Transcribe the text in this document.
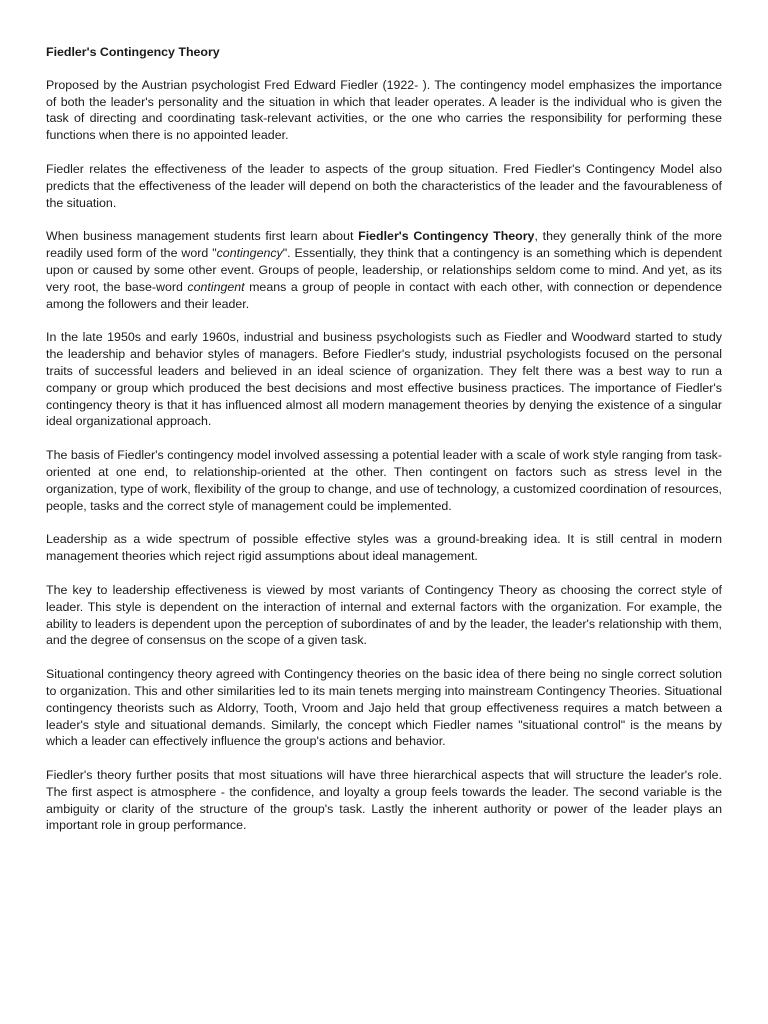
Fiedler's Contingency Theory

Proposed by the Austrian psychologist Fred Edward Fiedler (1922- ). The contingency model emphasizes the importance of both the leader's personality and the situation in which that leader operates. A leader is the individual who is given the task of directing and coordinating task-relevant activities, or the one who carries the responsibility for performing these functions when there is no appointed leader.

Fiedler relates the effectiveness of the leader to aspects of the group situation. Fred Fiedler's Contingency Model also predicts that the effectiveness of the leader will depend on both the characteristics of the leader and the favourableness of the situation.

When business management students first learn about Fiedler's Contingency Theory, they generally think of the more readily used form of the word "contingency". Essentially, they think that a contingency is an something which is dependent upon or caused by some other event. Groups of people, leadership, or relationships seldom come to mind. And yet, as its very root, the base-word contingent means a group of people in contact with each other, with connection or dependence among the followers and their leader.

In the late 1950s and early 1960s, industrial and business psychologists such as Fiedler and Woodward started to study the leadership and behavior styles of managers. Before Fiedler's study, industrial psychologists focused on the personal traits of successful leaders and believed in an ideal science of organization. They felt there was a best way to run a company or group which produced the best decisions and most effective business practices. The importance of Fiedler's contingency theory is that it has influenced almost all modern management theories by denying the existence of a singular ideal organizational approach.

The basis of Fiedler's contingency model involved assessing a potential leader with a scale of work style ranging from task-oriented at one end, to relationship-oriented at the other. Then contingent on factors such as stress level in the organization, type of work, flexibility of the group to change, and use of technology, a customized coordination of resources, people, tasks and the correct style of management could be implemented.

Leadership as a wide spectrum of possible effective styles was a ground-breaking idea. It is still central in modern management theories which reject rigid assumptions about ideal management.

The key to leadership effectiveness is viewed by most variants of Contingency Theory as choosing the correct style of leader. This style is dependent on the interaction of internal and external factors with the organization. For example, the ability to leaders is dependent upon the perception of subordinates of and by the leader, the leader's relationship with them, and the degree of consensus on the scope of a given task.

Situational contingency theory agreed with Contingency theories on the basic idea of there being no single correct solution to organization. This and other similarities led to its main tenets merging into mainstream Contingency Theories. Situational contingency theorists such as Aldorry, Tooth, Vroom and Jajo held that group effectiveness requires a match between a leader's style and situational demands. Similarly, the concept which Fiedler names "situational control" is the means by which a leader can effectively influence the group's actions and behavior.

Fiedler's theory further posits that most situations will have three hierarchical aspects that will structure the leader's role. The first aspect is atmosphere - the confidence, and loyalty a group feels towards the leader. The second variable is the ambiguity or clarity of the structure of the group's task. Lastly the inherent authority or power of the leader plays an important role in group performance.
